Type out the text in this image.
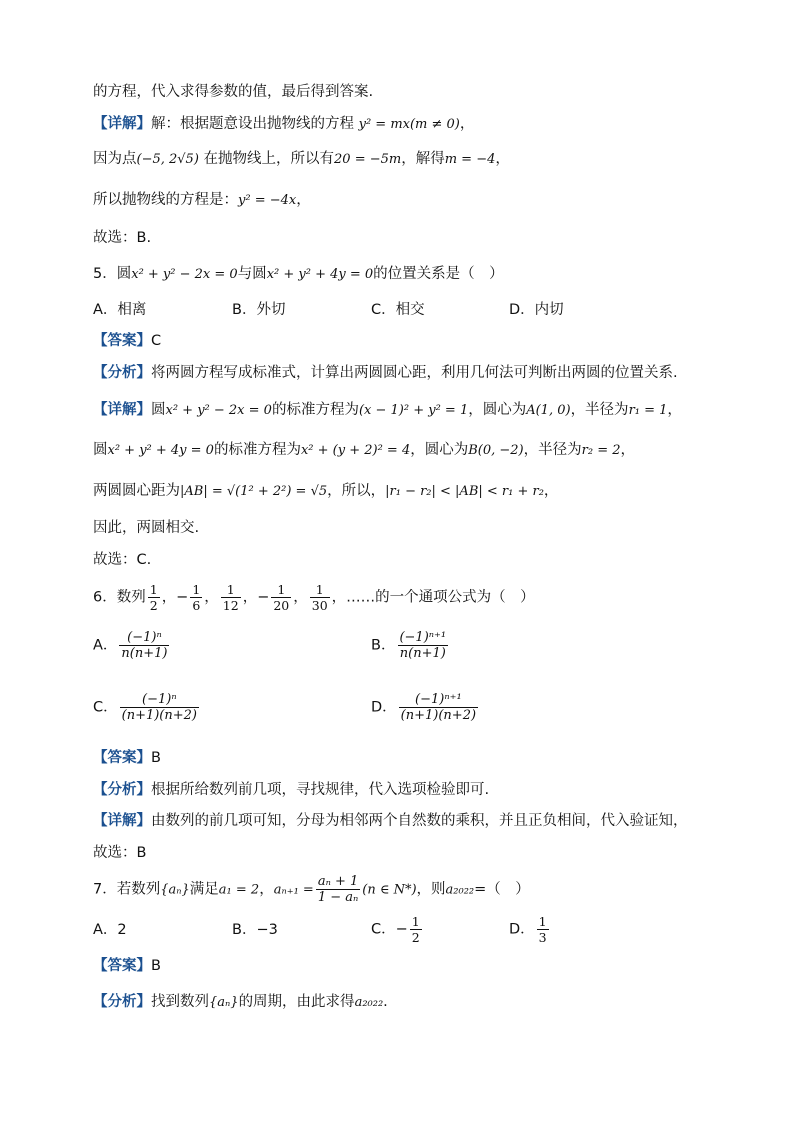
的方程，代入求得参数的值，最后得到答案.
【详解】解：根据题意设出抛物线的方程 y² = mx(m ≠ 0)，
因为点(−5, 2√5) 在抛物线上，所以有20 = −5m，解得m = −4，
所以抛物线的方程是：y² = −4x，
故选：B.
5．圆x² + y² − 2x = 0与圆x² + y² + 4y = 0的位置关系是（　）
A．相离	B．外切	C．相交	D．内切
【答案】C
【分析】将两圆方程写成标准式，计算出两圆圆心距，利用几何法可判断出两圆的位置关系.
【详解】圆x² + y² − 2x = 0的标准方程为(x − 1)² + y² = 1，圆心为A(1, 0)，半径为r₁ = 1，
圆x² + y² + 4y = 0的标准方程为x² + (y + 2)² = 4，圆心为B(0, −2)，半径为r₂ = 2，
两圆圆心距为|AB| = √(1² + 2²) = √5，所以，|r₁ − r₂| < |AB| < r₁ + r₂，
因此，两圆相交.
故选：C.
6．数列 $\frac{1}{2}$ ，− $\frac{1}{6}$ ， $\frac{1}{12}$ ，− $\frac{1}{20}$ ， $\frac{1}{30}$ ，……的一个通项公式为（　）
A． $\frac{\text{(−1)ⁿ}}{n(n+1)}$	B． $\frac{\text{(−1)ⁿ⁺¹}}{n(n+1)}$
C． $\frac{\text{(−1)ⁿ}}{(n+1)(n+2)}$	D． $\frac{\text{(−1)ⁿ⁺¹}}{(n+1)(n+2)}$
【答案】B
【分析】根据所给数列前几项，寻找规律，代入选项检验即可.
【详解】由数列的前几项可知，分母为相邻两个自然数的乘积，并且正负相间，代入验证知，
故选：B
7．若数列{aₙ}满足a₁ = 2，$a_{n+1} = \frac{\text{aₙ + 1}}{\text{1 − aₙ}} (n$ ∈ N*)，则a₂₀₂₂=（　）
A．2	B．−3	C．− $\frac{1}{2}$	D． $\frac{1}{3}$
【答案】B
【分析】找到数列{aₙ}的周期，由此求得a₂₀₂₂.
